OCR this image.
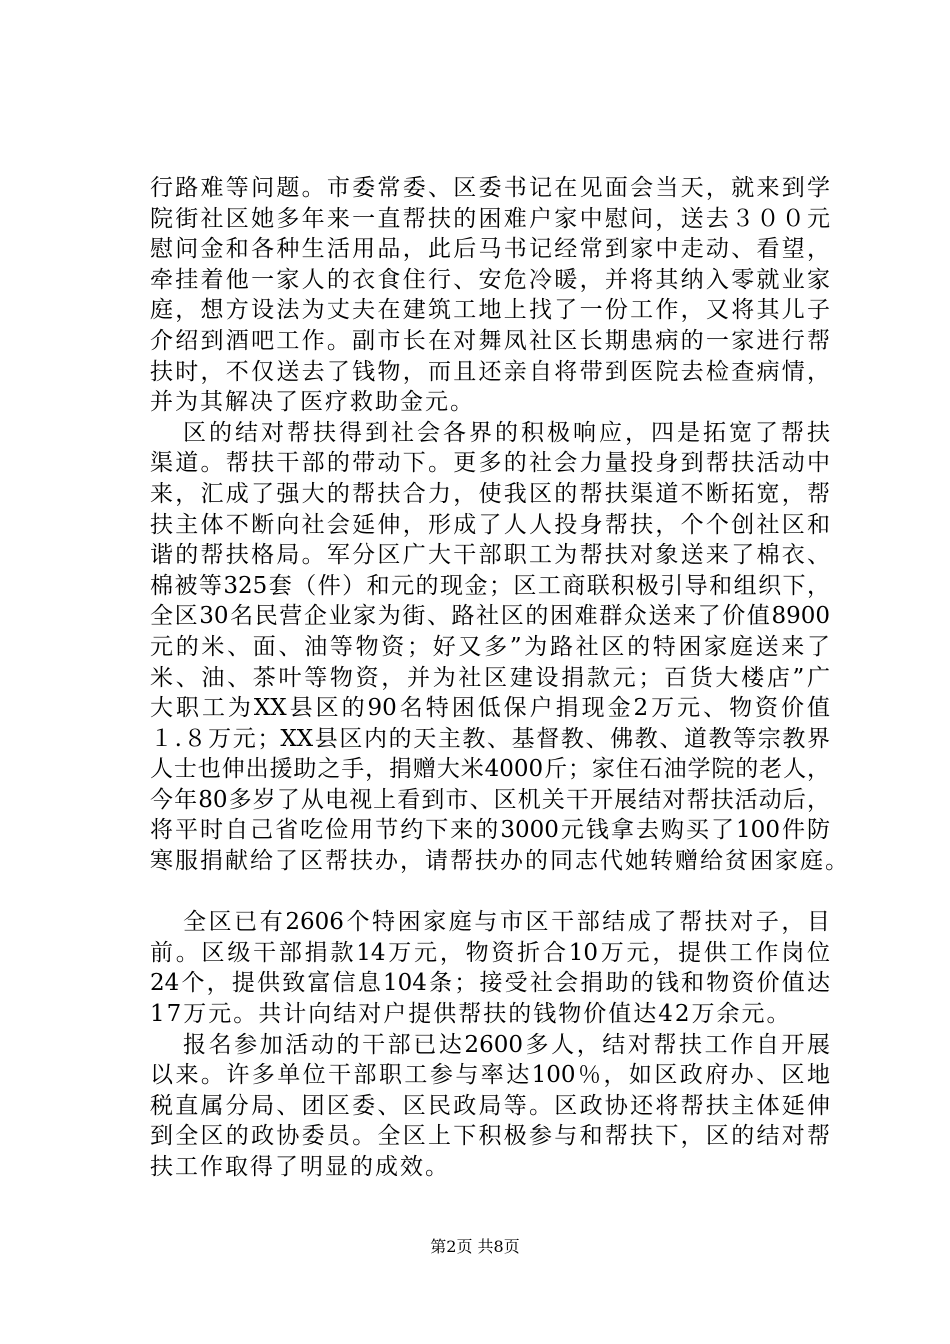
行路难等问题。市委常委、区委书记在见面会当天，就来到学
院街社区她多年来一直帮扶的困难户家中慰问，送去３００元
慰问金和各种生活用品，此后马书记经常到家中走动、看望，
牵挂着他一家人的衣食住行、安危冷暖，并将其纳入零就业家
庭，想方设法为丈夫在建筑工地上找了一份工作，又将其儿子
介绍到酒吧工作。副市长在对舞凤社区长期患病的一家进行帮
扶时，不仅送去了钱物，而且还亲自将带到医院去检查病情，
并为其解决了医疗救助金元。
区的结对帮扶得到社会各界的积极响应，四是拓宽了帮扶
渠道。帮扶干部的带动下。更多的社会力量投身到帮扶活动中
来，汇成了强大的帮扶合力，使我区的帮扶渠道不断拓宽，帮
扶主体不断向社会延伸，形成了人人投身帮扶，个个创社区和
谐的帮扶格局。军分区广大干部职工为帮扶对象送来了棉衣、
棉被等325套（件）和元的现金；区工商联积极引导和组织下，
全区30名民营企业家为街、路社区的困难群众送来了价值8900
元的米、面、油等物资；好又多”为路社区的特困家庭送来了
米、油、茶叶等物资，并为社区建设捐款元；百货大楼店”广
大职工为XX县区的90名特困低保户捐现金2万元、物资价值
１.８万元；XX县区内的天主教、基督教、佛教、道教等宗教界
人士也伸出援助之手，捐赠大米4000斤；家住石油学院的老人，
今年80多岁了从电视上看到市、区机关干开展结对帮扶活动后，
将平时自己省吃俭用节约下来的3000元钱拿去购买了100件防
寒服捐献给了区帮扶办，请帮扶办的同志代她转赠给贫困家庭。
全区已有2606个特困家庭与市区干部结成了帮扶对子，目
前。区级干部捐款14万元，物资折合10万元，提供工作岗位
24个，提供致富信息104条；接受社会捐助的钱和物资价值达
17万元。共计向结对户提供帮扶的钱物价值达42万余元。
报名参加活动的干部已达2600多人，结对帮扶工作自开展
以来。许多单位干部职工参与率达100％，如区政府办、区地
税直属分局、团区委、区民政局等。区政协还将帮扶主体延伸
到全区的政协委员。全区上下积极参与和帮扶下，区的结对帮
扶工作取得了明显的成效。
第2页 共8页
